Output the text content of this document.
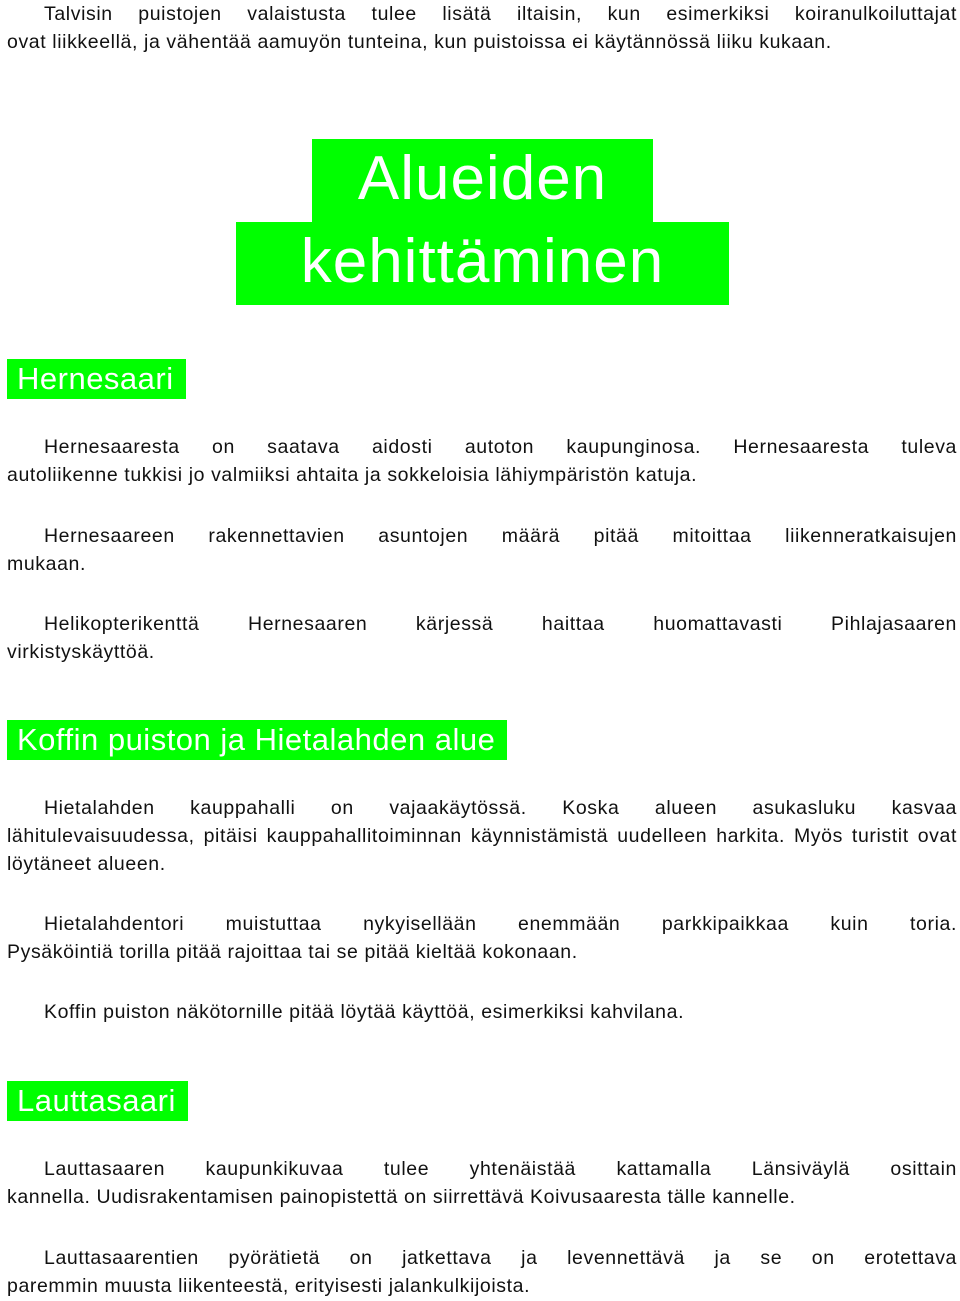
Talvisin puistojen valaistusta tulee lisätä iltaisin, kun esimerkiksi koiranulkoiluttajat
ovat liikkeellä, ja vähentää aamuyön tunteina, kun puistoissa ei käytännössä liiku kukaan.
Alueiden
kehittäminen
Hernesaari
Hernesaaresta on saatava aidosti autoton kaupunginosa. Hernesaaresta tuleva
autoliikenne tukkisi jo valmiiksi ahtaita ja sokkeloisia lähiympäristön katuja.
Hernesaareen rakennettavien asuntojen määrä pitää mitoittaa liikenneratkaisujen
mukaan.
Helikopterikenttä Hernesaaren kärjessä haittaa huomattavasti Pihlajasaaren
virkistyskäyttöä.
Koffin puiston ja Hietalahden alue
Hietalahden kauppahalli on vajaakäytössä. Koska alueen asukasluku kasvaa
lähitulevaisuudessa, pitäisi kauppahallitoiminnan käynnistämistä uudelleen harkita. Myös turistit ovat löytäneet alueen.
Hietalahdentori muistuttaa nykyisellään enemmään parkkipaikkaa kuin toria.
Pysäköintiä torilla pitää rajoittaa tai se pitää kieltää kokonaan.
Koffin puiston näkötornille pitää löytää käyttöä, esimerkiksi kahvilana.
Lauttasaari
Lauttasaaren kaupunkikuvaa tulee yhtenäistää kattamalla Länsiväylä osittain
kannella. Uudisrakentamisen painopistettä on siirrettävä Koivusaaresta tälle kannelle.
Lauttasaarentien pyörätietä on jatkettava ja levennettävä ja se on erotettava
paremmin muusta liikenteestä, erityisesti jalankulkijoista.
